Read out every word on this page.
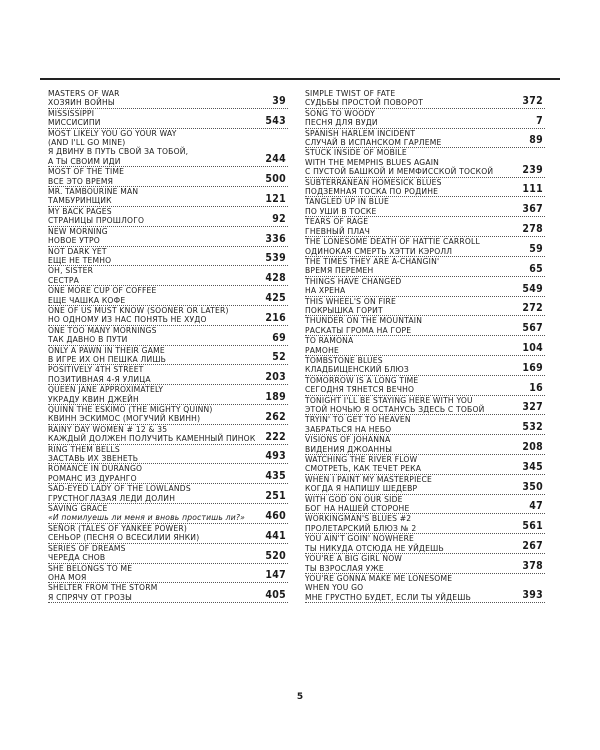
MASTERS OF WAR
ХОЗЯИН ВОЙНЫ	39
MISSISSIPPI
МИССИСИПИ	543
MOST LIKELY YOU GO YOUR WAY
(AND I'LL GO MINE)
Я ДВИНУ В ПУТЬ СВОЙ ЗА ТОБОЙ,
А ТЫ СВОИМ ИДИ	244
MOST OF THE TIME
ВСЕ ЭТО ВРЕМЯ	500
MR. TAMBOURINE MAN
ТАМБУРИНЩИК	121
MY BACK PAGES
СТРАНИЦЫ ПРОШЛОГО	92
NEW MORNING
НОВОЕ УТРО	336
NOT DARK YET
ЕЩЕ НЕ ТЕМНО	539
OH, SISTER
СЕСТРА	428
ONE MORE CUP OF COFFEE
ЕЩЕ ЧАШКА КОФЕ	425
ONE OF US MUST KNOW (SOONER OR LATER)
НО ОДНОМУ ИЗ НАС ПОНЯТЬ НЕ ХУДО	216
ONE TOO MANY MORNINGS
ТАК ДАВНО В ПУТИ	69
ONLY A PAWN IN THEIR GAME
В ИГРЕ ИХ ОН ПЕШКА ЛИШЬ	52
POSITIVELY 4TH STREET
ПОЗИТИВНАЯ 4-Я УЛИЦА	203
QUEEN JANE APPROXIMATELY
УКРАДУ КВИН ДЖЕЙН	189
QUINN THE ESKIMO (THE MIGHTY QUINN)
КВИНН ЭСКИМОС (МОГУЧИЙ КВИНН)	262
RAINY DAY WOMEN # 12 & 35
КАЖДЫЙ ДОЛЖЕН ПОЛУЧИТЬ КАМЕННЫЙ ПИНОК 222
RING THEM BELLS
ЗАСТАВЬ ИХ ЗВЕНЕТЬ	493
ROMANCE IN DURANGO
РОМАНС ИЗ ДУРАНГО	435
SAD-EYED LADY OF THE LOWLANDS
ГРУСТНОГЛАЗАЯ ЛЕДИ ДОЛИН	251
SAVING GRACE
«И помилуешь ли меня и вновь простишь ли?»	460
SEÑOR (TALES OF YANKEE POWER)
СЕНЬОР (ПЕСНЯ О ВСЕСИЛИИ ЯНКИ)	441
SERIES OF DREAMS
ЧЕРЕДА СНОВ	520
SHE BELONGS TO ME
ОНА МОЯ	147
SHELTER FROM THE STORM
Я СПРЯЧУ ОТ ГРОЗЫ	405
SIMPLE TWIST OF FATE
СУДЬБЫ ПРОСТОЙ ПОВОРОТ	372
SONG TO WOODY
ПЕСНЯ ДЛЯ ВУДИ	7
SPANISH HARLEM INCIDENT
СЛУЧАЙ В ИСПАНСКОМ ГАРЛЕМЕ	89
STUCK INSIDE OF MOBILE
WITH THE MEMPHIS BLUES AGAIN
С ПУСТОЙ БАШКОЙ И МЕМФИССКОЙ ТОСКОЙ	239
SUBTERRANEAN HOMESICK BLUES
ПОДЗЕМНАЯ ТОСКА ПО РОДИНЕ	111
TANGLED UP IN BLUE
ПО УШИ В ТОСКЕ	367
TEARS OF RAGE
ГНЕВНЫЙ ПЛАЧ	278
THE LONESOME DEATH OF HATTIE CARROLL
ОДИНОКАЯ СМЕРТЬ ХЭТТИ КЭРОЛЛ	59
THE TIMES THEY ARE A-CHANGIN'
ВРЕМЯ ПЕРЕМЕН	65
THINGS HAVE CHANGED
НА ХРЕНА	549
THIS WHEEL'S ON FIRE
ПОКРЫШКА ГОРИТ	272
THUNDER ON THE MOUNTAIN
РАСКАТЫ ГРОМА НА ГОРЕ	567
TO RAMONA
РАМОНЕ	104
TOMBSTONE BLUES
КЛАДБИЩЕНСКИЙ БЛЮЗ	169
TOMORROW IS A LONG TIME
СЕГОДНЯ ТЯНЕТСЯ ВЕЧНО	16
TONIGHT I'LL BE STAYING HERE WITH YOU
ЭТОЙ НОЧЬЮ Я ОСТАНУСЬ ЗДЕСЬ С ТОБОЙ	327
TRYIN' TO GET TO HEAVEN
ЗАБРАТЬСЯ НА НЕБО	532
VISIONS OF JOHANNA
ВИДЕНИЯ ДЖОАННЫ	208
WATCHING THE RIVER FLOW
СМОТРЕТЬ, КАК ТЕЧЕТ РЕКА	345
WHEN I PAINT MY MASTERPIECE
КОГДА Я НАПИШУ ШЕДЕВР	350
WITH GOD ON OUR SIDE
БОГ НА НАШЕЙ СТОРОНЕ	47
WORKINGMAN'S BLUES #2
ПРОЛЕТАРСКИЙ БЛЮЗ № 2	561
YOU AIN'T GOIN' NOWHERE
ТЫ НИКУДА ОТСЮДА НЕ УЙДЕШЬ	267
YOU'RE A BIG GIRL NOW
ТЫ ВЗРОСЛАЯ УЖЕ	378
YOU'RE GONNA MAKE ME LONESOME
WHEN YOU GO
МНЕ ГРУСТНО БУДЕТ, ЕСЛИ ТЫ УЙДЕШЬ	393
5
